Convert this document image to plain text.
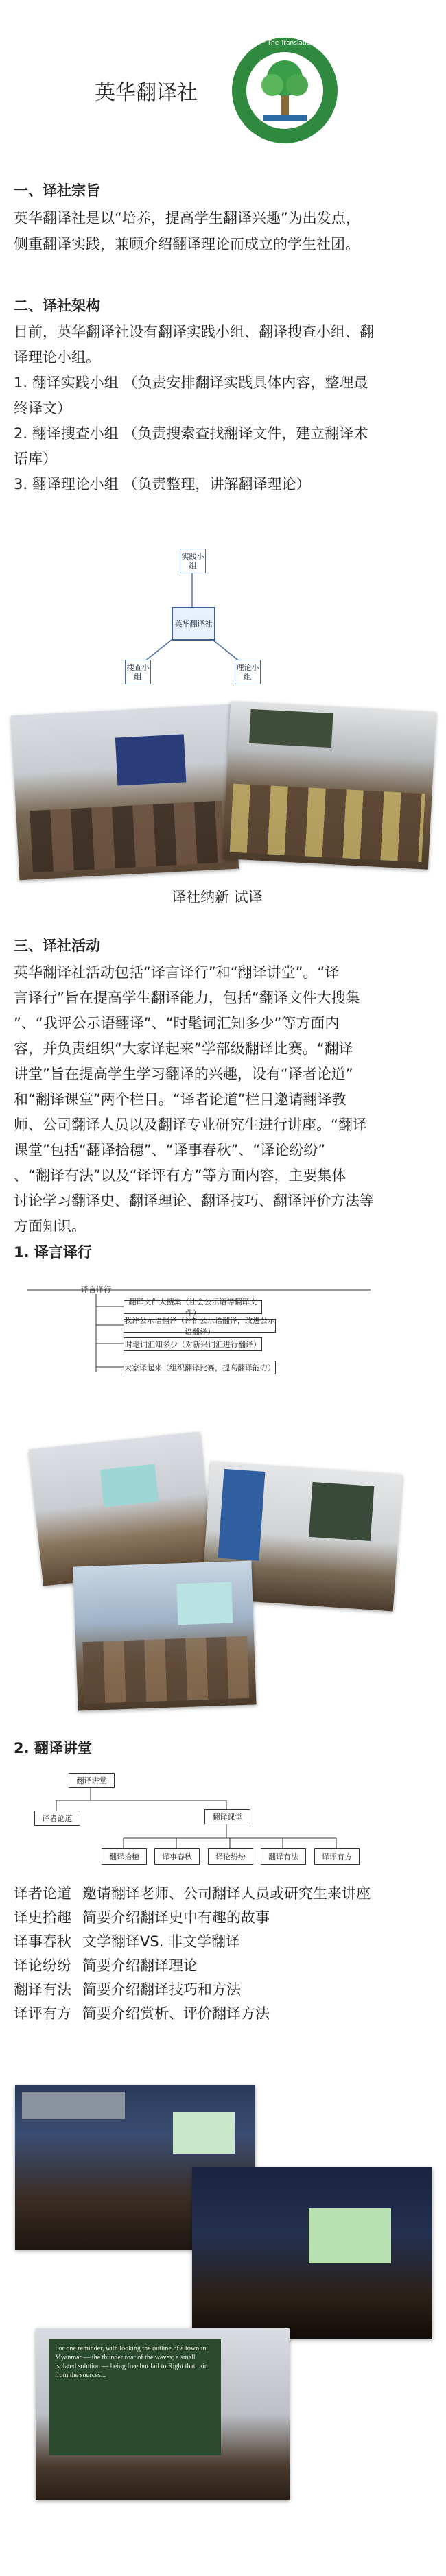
英华翻译社
英华翻译社 · The Translation Society
一、译社宗旨
英华翻译社是以“培养，提高学生翻译兴趣”为出发点，
侧重翻译实践，兼顾介绍翻译理论而成立的学生社团。
二、译社架构
目前，英华翻译社设有翻译实践小组、翻译搜查小组、翻
译理论小组。
1. 翻译实践小组 （负责安排翻译实践具体内容，整理最
终译文）
2. 翻译搜查小组 （负责搜索查找翻译文件，建立翻译术
语库）
3. 翻译理论小组 （负责整理，讲解翻译理论）
英华翻译社
实践小组
搜查小组
理论小组
译社纳新 试译
三、译社活动
英华翻译社活动包括“译言译行”和“翻译讲堂”。“译
言译行”旨在提高学生翻译能力，包括“翻译文件大搜集
”、“我评公示语翻译”、“时髦词汇知多少”等方面内
容，并负责组织“大家译起来”学部级翻译比赛。“翻译
讲堂”旨在提高学生学习翻译的兴趣，设有“译者论道”
和“翻译课堂”两个栏目。“译者论道”栏目邀请翻译教
师、公司翻译人员以及翻译专业研究生进行讲座。“翻译
课堂”包括“翻译拾穗”、“译事春秋”、“译论纷纷”
、“翻译有法”以及“译评有方”等方面内容，主要集体
讨论学习翻译史、翻译理论、翻译技巧、翻译评价方法等
方面知识。
1. 译言译行
译言译行
翻译文件大搜集（社会公示语等翻译文件）
我评公示语翻译（评析公示语翻译，改进公示语翻译）
时髦词汇知多少（对新兴词汇进行翻译）
大家译起来（组织翻译比赛，提高翻译能力）
2. 翻译讲堂
翻译讲堂
译者论道	翻译课堂
翻译拾穗	译事春秋	译论纷纷	翻译有法	译评有方
译者论道 邀请翻译老师、公司翻译人员或研究生来讲座
译史拾趣 简要介绍翻译史中有趣的故事
译事春秋 文学翻译VS. 非文学翻译
译论纷纷 简要介绍翻译理论
翻译有法 简要介绍翻译技巧和方法
译评有方 简要介绍赏析、评价翻译方法
For one reminder, with looking the outline of a town in Myanmar — the thunder roar of the waves; a small isolated solution — being free but fail to Right that rain from the sources...
